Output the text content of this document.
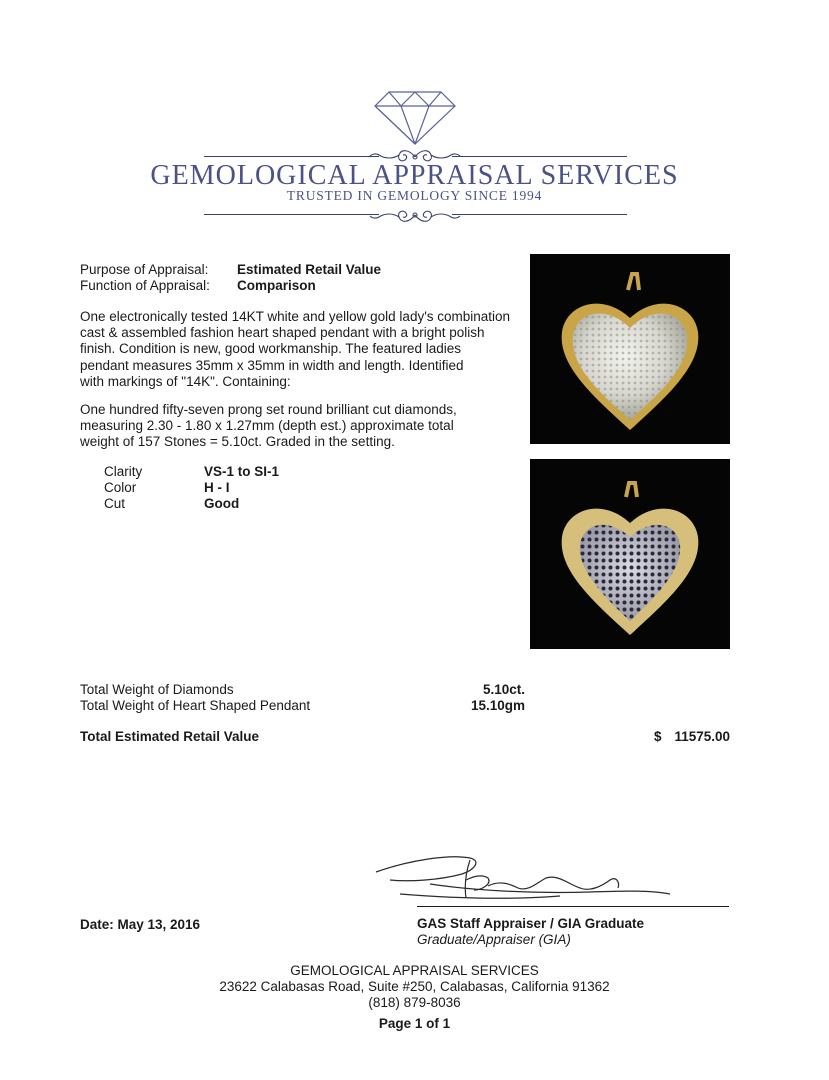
GEMOLOGICAL APPRAISAL SERVICES
TRUSTED IN GEMOLOGY SINCE 1994
Purpose of Appraisal: Estimated Retail Value
Function of Appraisal: Comparison
One electronically tested 14KT white and yellow gold lady's combination
cast & assembled fashion heart shaped pendant with a bright polish
finish. Condition is new, good workmanship. The featured ladies
pendant measures 35mm x 35mm in width and length. Identified
with markings of "14K". Containing:
One hundred fifty-seven prong set round brilliant cut diamonds,
measuring 2.30 - 1.80 x 1.27mm (depth est.) approximate total
weight of 157 Stones = 5.10ct. Graded in the setting.
Clarity	VS-1 to SI-1
Color	H - I
Cut	Good
Total Weight of Diamonds	5.10ct.
Total Weight of Heart Shaped Pendant	15.10gm
Total Estimated Retail Value	$ 11575.00
Date: May 13, 2016	GAS Staff Appraiser / GIA Graduate
Graduate/Appraiser (GIA)
GEMOLOGICAL APPRAISAL SERVICES
23622 Calabasas Road, Suite #250, Calabasas, California 91362
(818) 879-8036
Page 1 of 1
